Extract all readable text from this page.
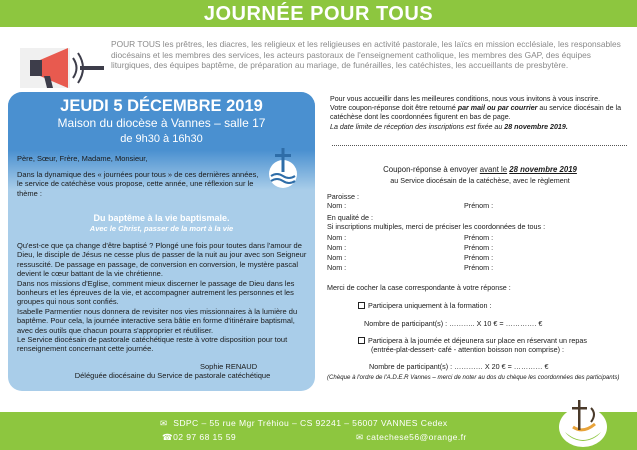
JOURNÉE POUR TOUS
POUR TOUS les prêtres, les diacres, les religieux et les religieuses en activité pastorale, les laïcs en mission ecclésiale, les responsables diocésains et les membres des services, les acteurs pastoraux de l'enseignement catholique, les membres des GAP, des équipes liturgiques, des équipes baptême, de préparation au mariage, de funérailles, les catéchistes, les accueillants de presbytère.
JEUDI 5 DÉCEMBRE 2019
Maison du diocèse à Vannes – salle 17
de 9h30 à 16h30
Père, Sœur, Frère, Madame, Monsieur,
Dans la dynamique des « journées pour tous » de ces dernières années, le service de catéchèse vous propose, cette année, une réflexion sur le thème :
Du baptême à la vie baptismale.
Avec le Christ, passer de la mort à la vie
Qu'est-ce que ça change d'être baptisé ? Plongé une fois pour toutes dans l'amour de Dieu, le disciple de Jésus ne cesse plus de passer de la nuit au jour avec son Seigneur ressuscité. De passage en passage, de conversion en conversion, le mystère pascal devient le cœur battant de la vie chrétienne.
Dans nos missions d'Eglise, comment mieux discerner le passage de Dieu dans les bonheurs et les épreuves de la vie, et accompagner autrement les personnes et les groupes qui nous sont confiés.
Isabelle Parmentier nous donnera de revisiter nos vies missionnaires à la lumière du baptême. Pour cela, la journée interactive sera bâtie en forme d'itinéraire baptismal, avec des outils que chacun pourra s'approprier et réutiliser.
Le Service diocésain de pastorale catéchétique reste à votre disposition pour tout renseignement concernant cette journée.
Sophie RENAUD
Déléguée diocésaine du Service de pastorale catéchétique
Pour vous accueillir dans les meilleures conditions, nous vous invitons à vous inscrire.
Votre coupon-réponse doit être retourné par mail ou par courrier au service diocésain de la catéchèse dont les coordonnées figurent en bas de page.
La date limite de réception des inscriptions est fixée au 28 novembre 2019.
Coupon-réponse à envoyer avant le 28 novembre 2019
au Service diocésain de la catéchèse, avec le règlement
Paroisse :
Nom :	Prénom :
En qualité de :
Si inscriptions multiples, merci de préciser les coordonnées de tous :
Nom :	Prénom :
Nom :	Prénom :
Nom :	Prénom :
Nom :	Prénom :
Merci de cocher la case correspondante à votre réponse :
Participera uniquement à la formation :
Nombre de participant(s) : ……….. X 10 € = …………. €
Participera à la journée et déjeunera sur place en réservant un repas
(entrée-plat-dessert- café - attention boisson non comprise) :
Nombre de participant(s) : ………… X 20 € = ………… €
(Chèque à l'ordre de l'A.D.E.R Vannes – merci de noter au dos du chèque les coordonnées des participants)
✉ SDPC – 55 rue Mgr Tréhiou – CS 92241 – 56007 VANNES Cedex
☎02 97 68 15 59	✉ catechese56@orange.fr
